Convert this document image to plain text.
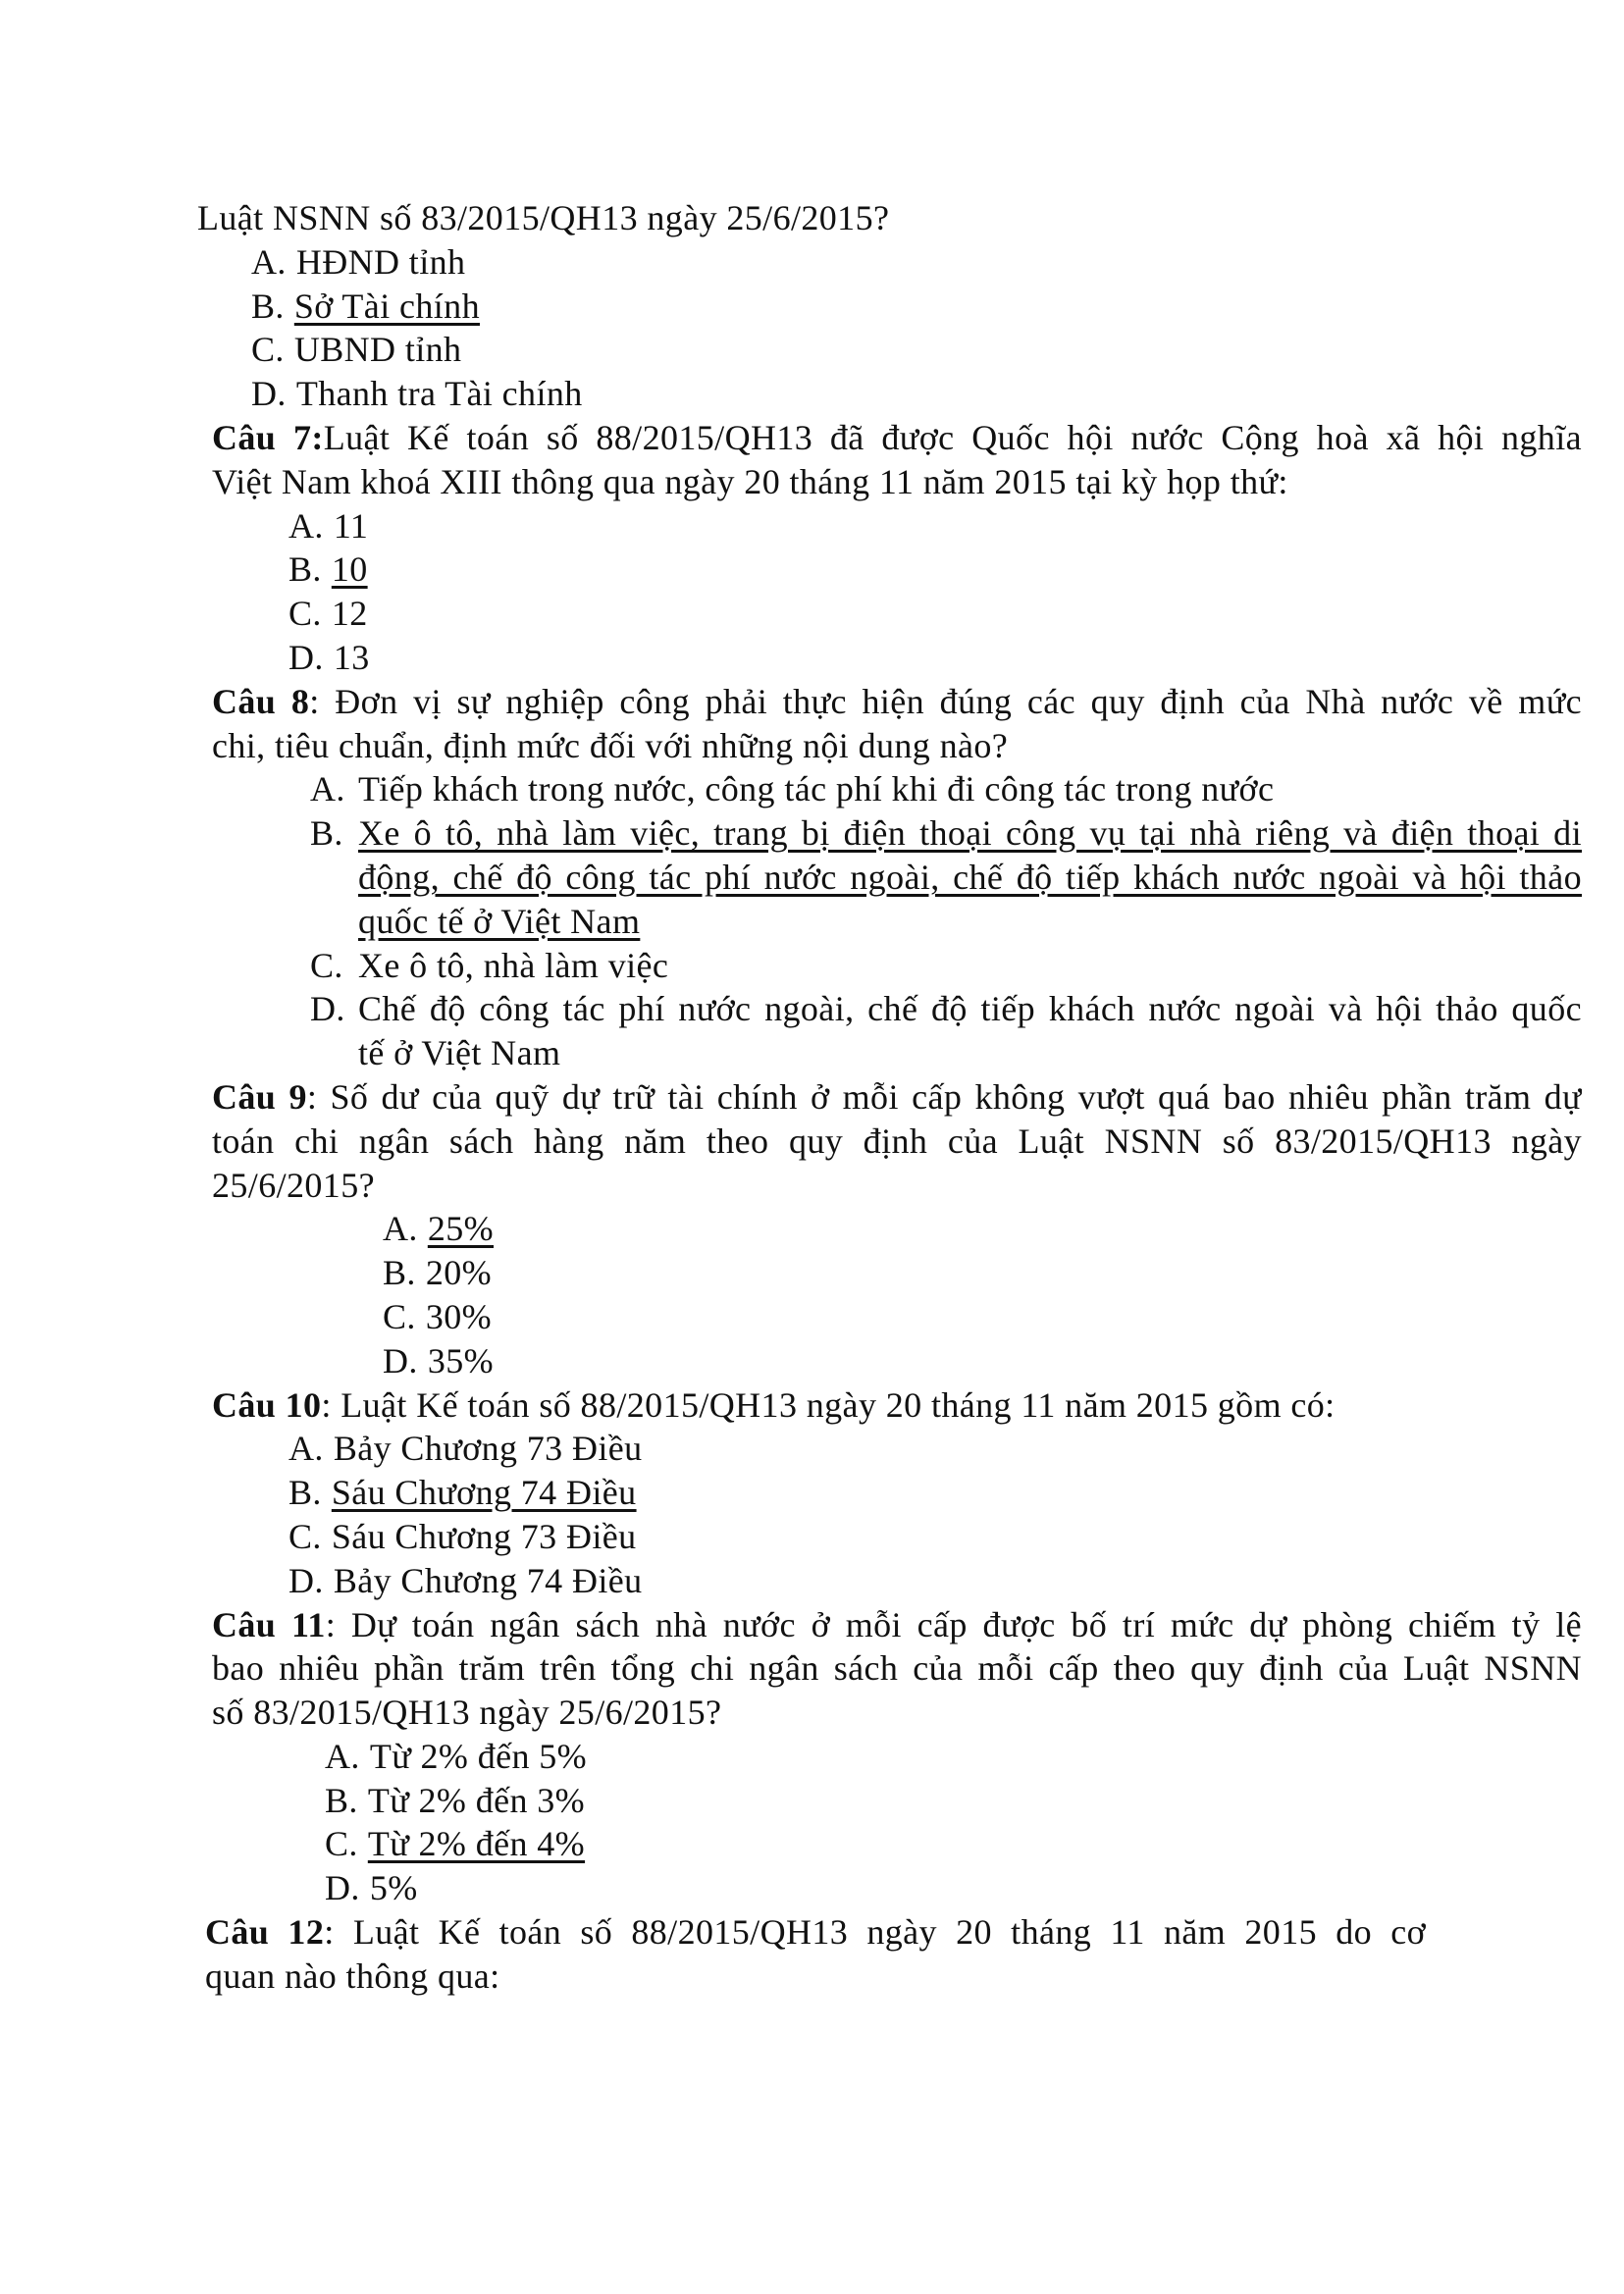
Luật NSNN số 83/2015/QH13 ngày 25/6/2015?
A. HĐND tỉnh
B. Sở Tài chính
C. UBND tỉnh
D. Thanh tra Tài chính
Câu 7:Luật Kế toán số 88/2015/QH13 đã được Quốc hội nước Cộng hoà xã hội nghĩa
Việt Nam khoá XIII thông qua ngày 20 tháng 11 năm 2015 tại kỳ họp thứ:
A. 11
B. 10
C. 12
D. 13
Câu 8: Đơn vị sự nghiệp công phải thực hiện đúng các quy định của Nhà nước về mức
chi, tiêu chuẩn, định mức đối với những nội dung nào?
A. Tiếp khách trong nước, công tác phí khi đi công tác trong nước
B. Xe ô tô, nhà làm việc, trang bị điện thoại công vụ tại nhà riêng và điện thoại di
động, chế độ công tác phí nước ngoài, chế độ tiếp khách nước ngoài và hội thảo
quốc tế ở Việt Nam
C. Xe ô tô, nhà làm việc
D. Chế độ công tác phí nước ngoài, chế độ tiếp khách nước ngoài và hội thảo quốc
tế ở Việt Nam
Câu 9: Số dư của quỹ dự trữ tài chính ở mỗi cấp không vượt quá bao nhiêu phần trăm dự
toán chi ngân sách hàng năm theo quy định của Luật NSNN số 83/2015/QH13 ngày
25/6/2015?
A. 25%
B. 20%
C. 30%
D. 35%
Câu 10: Luật Kế toán số 88/2015/QH13 ngày 20 tháng 11 năm 2015 gồm có:
A. Bảy Chương 73 Điều
B. Sáu Chương 74 Điều
C. Sáu Chương 73 Điều
D. Bảy Chương 74 Điều
Câu 11: Dự toán ngân sách nhà nước ở mỗi cấp được bố trí mức dự phòng chiếm tỷ lệ
bao nhiêu phần trăm trên tổng chi ngân sách của mỗi cấp theo quy định của Luật NSNN
số 83/2015/QH13 ngày 25/6/2015?
A. Từ 2% đến 5%
B. Từ 2% đến 3%
C. Từ 2% đến 4%
D. 5%
Câu 12: Luật Kế toán số 88/2015/QH13 ngày 20 tháng 11 năm 2015 do cơ
quan nào thông qua:
